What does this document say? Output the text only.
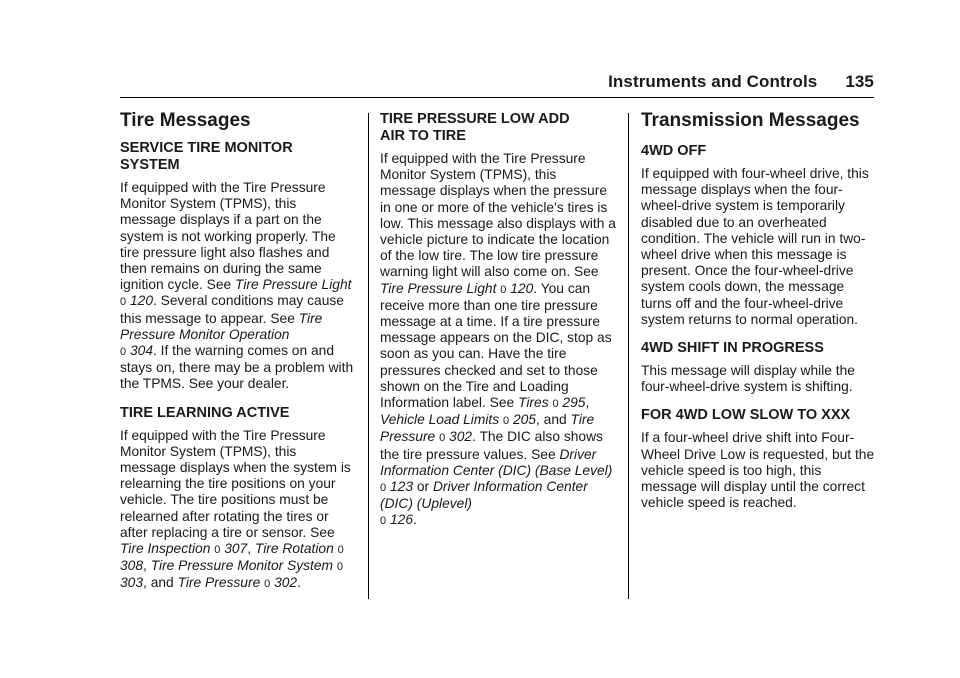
Instruments and Controls 135
Tire Messages
SERVICE TIRE MONITOR
SYSTEM

If equipped with the Tire Pressure Monitor System (TPMS), this message displays if a part on the system is not working properly. The tire pressure light also flashes and then remains on during the same ignition cycle. See Tire Pressure Light 0 120. Several conditions may cause this message to appear. See Tire Pressure Monitor Operation
0 304. If the warning comes on and stays on, there may be a problem with the TPMS. See your dealer.

TIRE LEARNING ACTIVE

If equipped with the Tire Pressure Monitor System (TPMS), this message displays when the system is relearning the tire positions on your vehicle. The tire positions must be relearned after rotating the tires or after replacing a tire or sensor. See Tire Inspection 0 307, Tire Rotation 0 308, Tire Pressure Monitor System 0 303, and Tire Pressure 0 302.

TIRE PRESSURE LOW ADD
AIR TO TIRE

If equipped with the Tire Pressure Monitor System (TPMS), this message displays when the pressure in one or more of the vehicle's tires is low. This message also displays with a vehicle picture to indicate the location of the low tire. The low tire pressure warning light will also come on. See Tire Pressure Light 0 120. You can receive more than one tire pressure message at a time. If a tire pressure message appears on the DIC, stop as soon as you can. Have the tire pressures checked and set to those shown on the Tire and Loading Information label. See Tires 0 295, Vehicle Load Limits 0 205, and Tire Pressure 0 302. The DIC also shows the tire pressure values. See Driver Information Center (DIC) (Base Level) 0 123 or Driver Information Center (DIC) (Uplevel)
0 126.

Transmission Messages
4WD OFF

If equipped with four-wheel drive, this message displays when the four-wheel-drive system is temporarily disabled due to an overheated condition. The vehicle will run in two-wheel drive when this message is present. Once the four-wheel-drive system cools down, the message turns off and the four-wheel-drive system returns to normal operation.

4WD SHIFT IN PROGRESS

This message will display while the four-wheel-drive system is shifting.

FOR 4WD LOW SLOW TO XXX

If a four-wheel drive shift into Four-Wheel Drive Low is requested, but the vehicle speed is too high, this message will display until the correct vehicle speed is reached.
